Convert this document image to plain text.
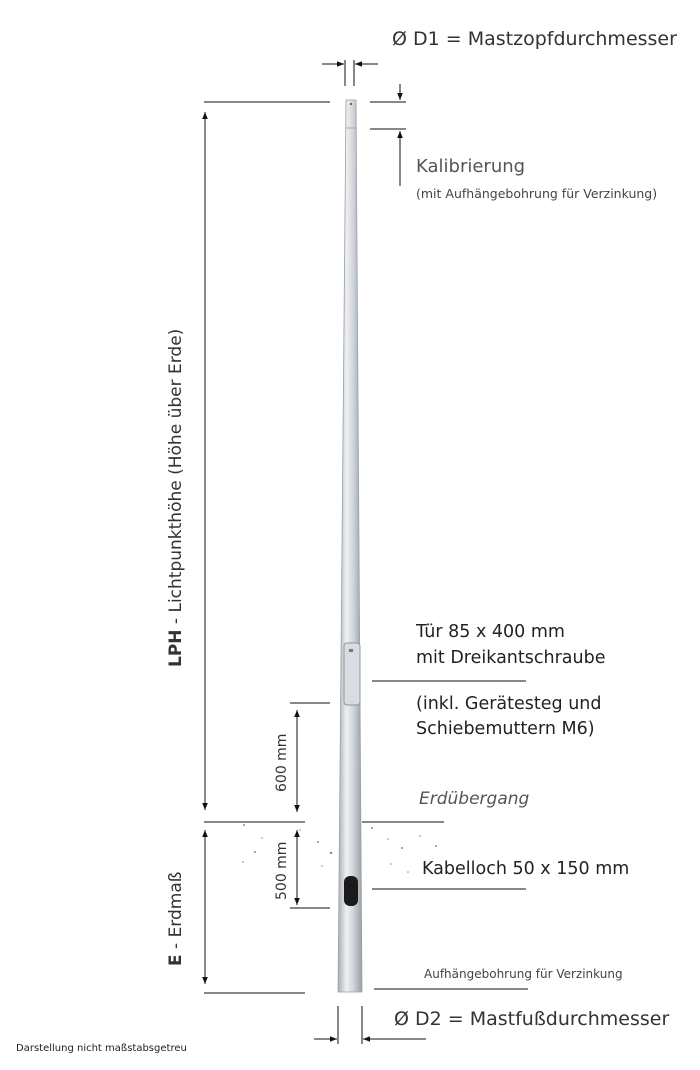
Ø D1 = Mastzopfdurchmesser
Kalibrierung
(mit Aufhängebohrung für Verzinkung)
Tür 85 x 400 mm
mit Dreikantschraube
(inkl. Gerätesteg und
Schiebemuttern M6)
Erdübergang
Kabelloch 50 x 150 mm
Aufhängebohrung für Verzinkung
Ø D2 = Mastfußdurchmesser
Darstellung nicht maßstabsgetreu
LPH - Lichtpunkthöhe (Höhe über Erde)
E - Erdmaß
600 mm
500 mm
